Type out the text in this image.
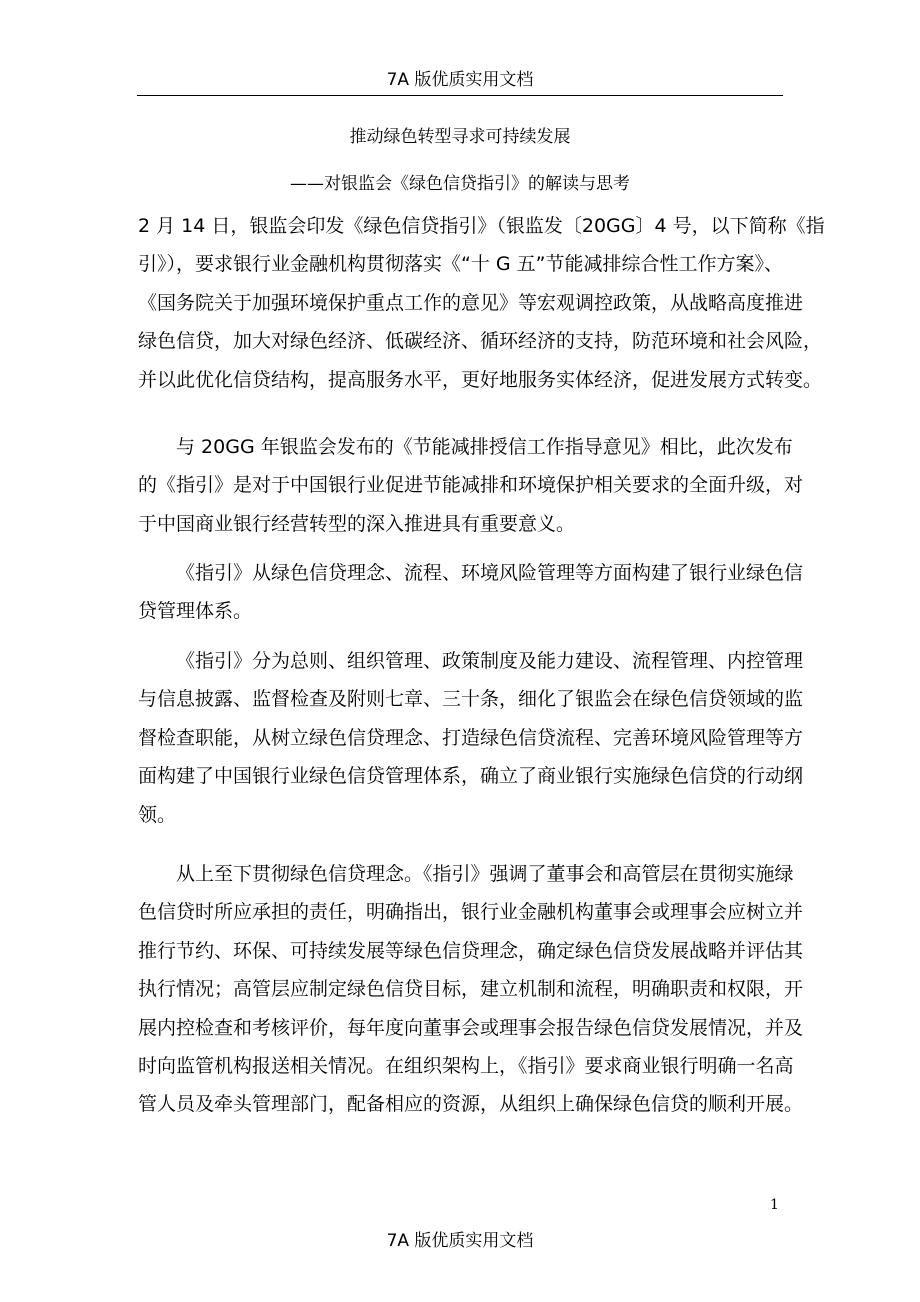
7A 版优质实用文档
推动绿色转型寻求可持续发展
——对银监会《绿色信贷指引》的解读与思考
2 月 14 日，银监会印发《绿色信贷指引》（银监发〔20GG〕4 号，以下简称《指
引》），要求银行业金融机构贯彻落实《“十 G 五”节能减排综合性工作方案》、
《国务院关于加强环境保护重点工作的意见》等宏观调控政策，从战略高度推进
绿色信贷，加大对绿色经济、低碳经济、循环经济的支持，防范环境和社会风险，
并以此优化信贷结构，提高服务水平，更好地服务实体经济，促进发展方式转变。
与 20GG 年银监会发布的《节能减排授信工作指导意见》相比，此次发布
的《指引》是对于中国银行业促进节能减排和环境保护相关要求的全面升级，对
于中国商业银行经营转型的深入推进具有重要意义。
《指引》从绿色信贷理念、流程、环境风险管理等方面构建了银行业绿色信
贷管理体系。
《指引》分为总则、组织管理、政策制度及能力建设、流程管理、内控管理
与信息披露、监督检查及附则七章、三十条，细化了银监会在绿色信贷领域的监
督检查职能，从树立绿色信贷理念、打造绿色信贷流程、完善环境风险管理等方
面构建了中国银行业绿色信贷管理体系，确立了商业银行实施绿色信贷的行动纲
领。
从上至下贯彻绿色信贷理念。《指引》强调了董事会和高管层在贯彻实施绿
色信贷时所应承担的责任，明确指出，银行业金融机构董事会或理事会应树立并
推行节约、环保、可持续发展等绿色信贷理念，确定绿色信贷发展战略并评估其
执行情况；高管层应制定绿色信贷目标，建立机制和流程，明确职责和权限，开
展内控检查和考核评价，每年度向董事会或理事会报告绿色信贷发展情况，并及
时向监管机构报送相关情况。在组织架构上，《指引》要求商业银行明确一名高
管人员及牵头管理部门，配备相应的资源，从组织上确保绿色信贷的顺利开展。
1
7A 版优质实用文档
